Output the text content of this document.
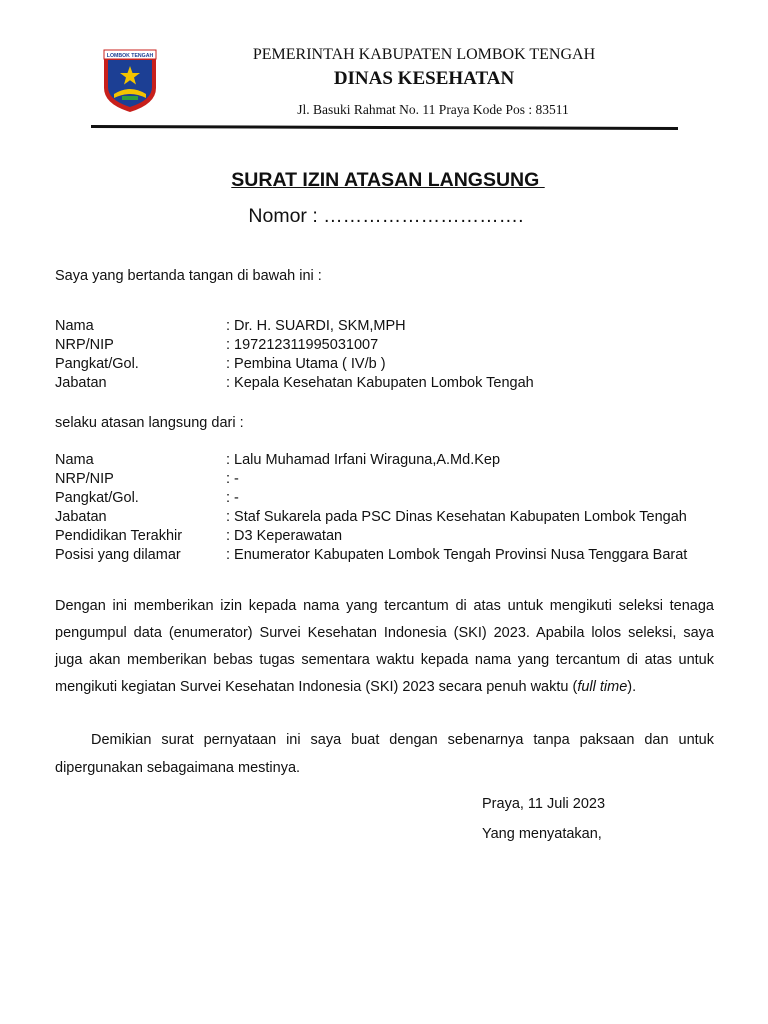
LOMBOK TENGAH	PEMERINTAH KABUPATEN LOMBOK TENGAH
DINAS KESEHATAN
Jl. Basuki Rahmat No. 11 Praya Kode Pos : 83511
SURAT IZIN ATASAN LANGSUNG
Nomor : ………………………….
Saya yang bertanda tangan di bawah ini :
Nama	: Dr. H. SUARDI, SKM,MPH
NRP/NIP	: 197212311995031007
Pangkat/Gol.	: Pembina Utama ( IV/b )
Jabatan	: Kepala Kesehatan Kabupaten Lombok Tengah
selaku atasan langsung dari :
Nama	: Lalu Muhamad Irfani Wiraguna,A.Md.Kep
NRP/NIP	: -
Pangkat/Gol.	: -
Jabatan	: Staf Sukarela pada PSC Dinas Kesehatan Kabupaten Lombok Tengah
Pendidikan Terakhir	: D3 Keperawatan
Posisi yang dilamar	: Enumerator Kabupaten Lombok Tengah Provinsi Nusa Tenggara Barat
Dengan ini memberikan izin kepada nama yang tercantum di atas untuk mengikuti seleksi tenaga
pengumpul data (enumerator) Survei Kesehatan Indonesia (SKI) 2023. Apabila lolos seleksi, saya
juga akan memberikan bebas tugas sementara waktu kepada nama yang tercantum di atas untuk
mengikuti kegiatan Survei Kesehatan Indonesia (SKI) 2023 secara penuh waktu (full time).
Demikian surat pernyataan ini saya buat dengan sebenarnya tanpa paksaan dan untuk
dipergunakan sebagaimana mestinya.
Praya, 11 Juli 2023
Yang menyatakan,
